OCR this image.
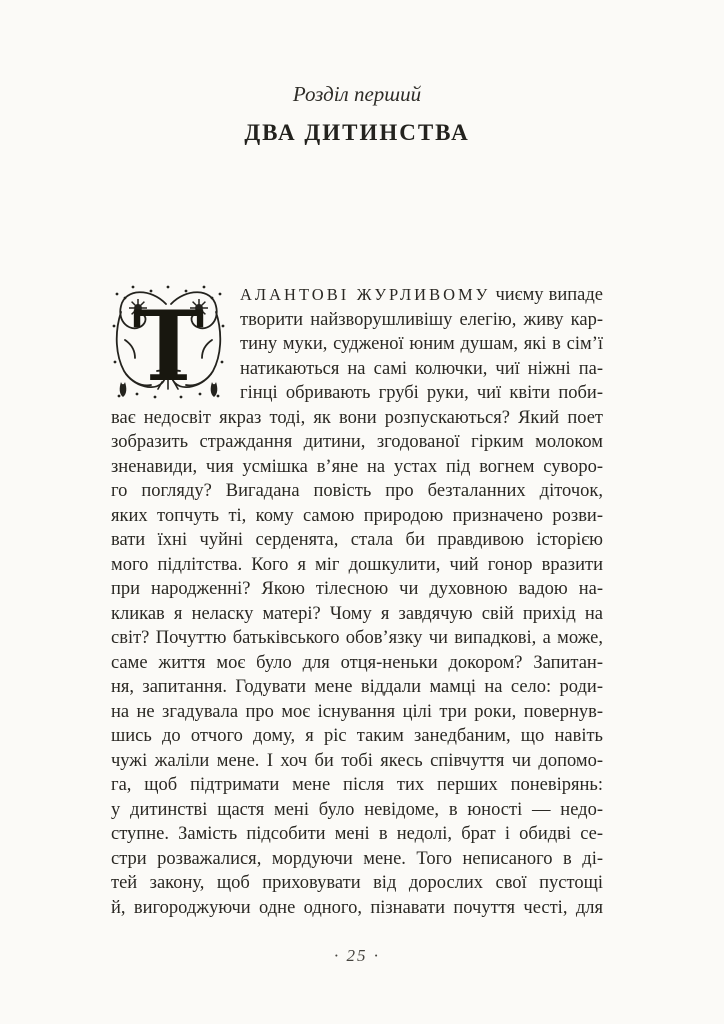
Розділ перший
ДВА ДИТИНСТВА
Т АЛАНТОВІ ЖУРЛИВОМУ чиєму випаде
творити найзворушливішу елегію, живу кар-
тину муки, судженої юним душам, які в сім’ї
натикаються на самі колючки, чиї ніжні па-
гінці обривають грубі руки, чиї квіти поби-
ває недосвіт якраз тоді, як вони розпускаються? Який поет
зобразить страждання дитини, згодованої гірким молоком
зненавиди, чия усмішка в’яне на устах під вогнем суворо-
го погляду? Вигадана повість про безталанних діточок,
яких топчуть ті, кому самою природою призначено розви-
вати їхні чуйні серденята, стала би правдивою історією
мого підлітства. Кого я міг дошкулити, чий гонор вразити
при народженні? Якою тілесною чи духовною вадою на-
кликав я неласку матері? Чому я завдячую свій прихід на
світ? Почуттю батьківського обов’язку чи випадкові, а може,
саме життя моє було для отця-неньки докором? Запитан-
ня, запитання. Годувати мене віддали мамці на село: роди-
на не згадувала про моє існування цілі три роки, повернув-
шись до отчого дому, я ріс таким занедбаним, що навіть
чужі жаліли мене. І хоч би тобі якесь співчуття чи допомо-
га, щоб підтримати мене після тих перших поневірянь:
у дитинстві щастя мені було невідоме, в юності — недо-
ступне. Замість підсобити мені в недолі, брат і обидві се-
стри розважалися, мордуючи мене. Того неписаного в ді-
тей закону, щоб приховувати від дорослих свої пустощі
й, вигороджуючи одне одного, пізнавати почуття честі, для
· 25 ·
